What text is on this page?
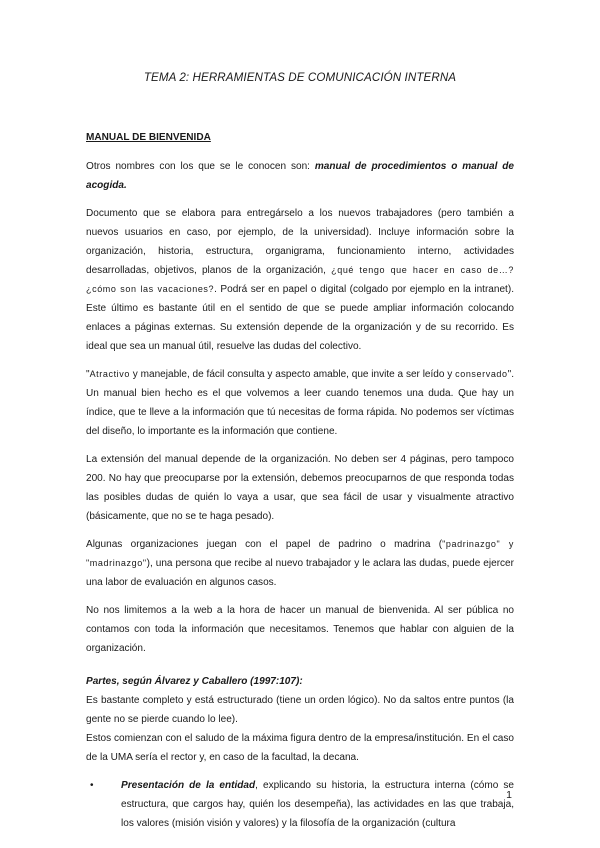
TEMA 2: HERRAMIENTAS DE COMUNICACIÓN INTERNA

MANUAL DE BIENVENIDA

Otros nombres con los que se le conocen son: manual de procedimientos o manual de acogida.

Documento que se elabora para entregárselo a los nuevos trabajadores (pero también a nuevos usuarios en caso, por ejemplo, de la universidad). Incluye información sobre la organización, historia, estructura, organigrama, funcionamiento interno, actividades desarrolladas, objetivos, planos de la organización, ¿qué tengo que hacer en caso de…? ¿cómo son las vacaciones?. Podrá ser en papel o digital (colgado por ejemplo en la intranet). Este último es bastante útil en el sentido de que se puede ampliar información colocando enlaces a páginas externas. Su extensión depende de la organización y de su recorrido. Es ideal que sea un manual útil, resuelve las dudas del colectivo.

"Atractivo y manejable, de fácil consulta y aspecto amable, que invite a ser leído y conservado". Un manual bien hecho es el que volvemos a leer cuando tenemos una duda. Que hay un índice, que te lleve a la información que tú necesitas de forma rápida. No podemos ser víctimas del diseño, lo importante es la información que contiene.

La extensión del manual depende de la organización. No deben ser 4 páginas, pero tampoco 200. No hay que preocuparse por la extensión, debemos preocuparnos de que responda todas las posibles dudas de quién lo vaya a usar, que sea fácil de usar y visualmente atractivo (básicamente, que no se te haga pesado).

Algunas organizaciones juegan con el papel de padrino o madrina ("padrinazgo" y "madrinazgo"), una persona que recibe al nuevo trabajador y le aclara las dudas, puede ejercer una labor de evaluación en algunos casos.

No nos limitemos a la web a la hora de hacer un manual de bienvenida. Al ser pública no contamos con toda la información que necesitamos. Tenemos que hablar con alguien de la organización.

Partes, según Álvarez y Caballero (1997:107):

Es bastante completo y está estructurado (tiene un orden lógico). No da saltos entre puntos (la gente no se pierde cuando lo lee).

Estos comienzan con el saludo de la máxima figura dentro de la empresa/institución. En el caso de la UMA sería el rector y, en caso de la facultad, la decana.

•	Presentación de la entidad, explicando su historia, la estructura interna (cómo se estructura, que cargos hay, quién los desempeña), las actividades en las que trabaja, los valores (misión visión y valores) y la filosofía de la organización (cultura
1
